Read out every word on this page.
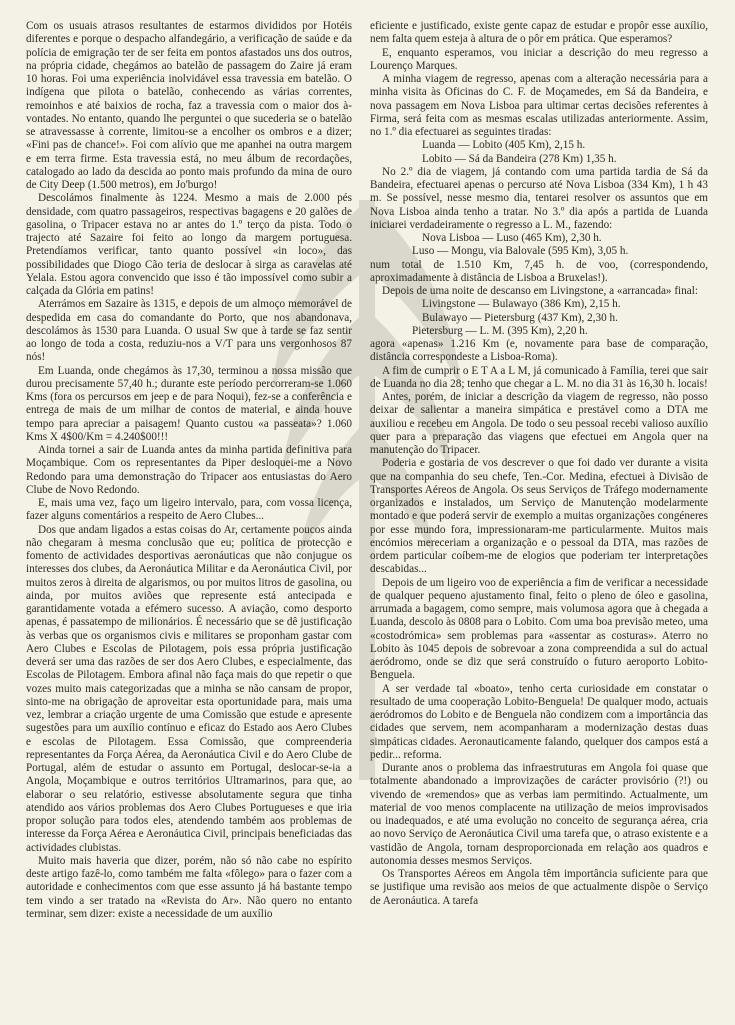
Com os usuais atrasos resultantes de estarmos divididos por Hotéis diferentes e porque o despacho alfandegário, a verificação de saúde e da polícia de emigração ter de ser feita em pontos afastados uns dos outros, na própria cidade, chegámos ao batelão de passagem do Zaire já eram 10 horas. Foi uma experiência inolvidável essa travessia em batelão. O indígena que pilota o batelão, conhecendo as várias correntes, remoinhos e até baixios de rocha, faz a travessia com o maior dos à-vontades. No entanto, quando lhe perguntei o que sucederia se o batelão se atravessasse à corrente, limitou-se a encolher os ombros e a dizer; «Fini pas de chance!». Foi com alívio que me apanhei na outra margem e em terra firme. Esta travessia está, no meu álbum de recordações, catalogado ao lado da descida ao ponto mais profundo da mina de ouro de City Deep (1.500 metros), em Jo'burgo!

Descolámos finalmente às 1224. Mesmo a mais de 2.000 pés densidade, com quatro passageiros, respectivas bagagens e 20 galões de gasolina, o Tripacer estava no ar antes do 1.º terço da pista. Todo o trajecto até Sazaire foi feito ao longo da margem portuguesa. Pretendíamos verificar, tanto quanto possível «in loco», das possibilidades que Diogo Cão teria de deslocar à sirga as caravelas até Yelala. Estou agora convencido que isso é tão impossível como subir a calçada da Glória em patins!

Aterrámos em Sazaire às 1315, e depois de um almoço memorável de despedida em casa do comandante do Porto, que nos abandonava, descolámos às 1530 para Luanda. O usual Sw que à tarde se faz sentir ao longo de toda a costa, reduziu-nos a V/T para uns vergonhosos 87 nós!

Em Luanda, onde chegámos às 17,30, terminou a nossa missão que durou precisamente 57,40 h.; durante este período percorreram-se 1.060 Kms (fora os percursos em jeep e de para Noqui), fez-se a conferência e entrega de mais de um milhar de contos de material, e ainda houve tempo para apreciar a paisagem! Quanto custou «a passeata»? 1.060 Kms X 4$00/Km = 4.240$00!!!

Ainda tornei a sair de Luanda antes da minha partida definitiva para Moçambique. Com os representantes da Piper desloquei-me a Novo Redondo para uma demonstração do Tripacer aos entusiastas do Aero Clube de Novo Redondo.

E, mais uma vez, faço um ligeiro intervalo, para, com vossa licença, fazer alguns comentários a respeito de Aero Clubes...

Dos que andam ligados a estas coisas do Ar, certamente poucos ainda não chegaram à mesma conclusão que eu; política de protecção e fomento de actividades desportivas aeronáuticas que não conjugue os interesses dos clubes, da Aeronáutica Militar e da Aeronáutica Civil, por muitos zeros à direita de algarismos, ou por muitos litros de gasolina, ou ainda, por muitos aviões que represente está antecipada e garantidamente votada a efémero sucesso. A aviação, como desporto apenas, é passatempo de milionários. É necessário que se dê justificação às verbas que os organismos civis e militares se proponham gastar com Aero Clubes e Escolas de Pilotagem, pois essa própria justificação deverá ser uma das razões de ser dos Aero Clubes, e especialmente, das Escolas de Pilotagem. Embora afinal não faça mais do que repetir o que vozes muito mais categorizadas que a minha se não cansam de propor, sinto-me na obrigação de aproveitar esta oportunidade para, mais uma vez, lembrar a criação urgente de uma Comissão que estude e apresente sugestões para um auxílio contínuo e eficaz do Estado aos Aero Clubes e escolas de Pilotagem. Essa Comissão, que compreenderia representantes da Força Aérea, da Aeronáutica Civil e do Aero Clube de Portugal, além de estudar o assunto em Portugal, deslocar-se-ia a Angola, Moçambique e outros territórios Ultramarinos, para que, ao elaborar o seu relatório, estivesse absolutamente segura que tinha atendido aos vários problemas dos Aero Clubes Portugueses e que iria propor solução para todos eles, atendendo também aos problemas de interesse da Força Aérea e Aeronáutica Civil, principais beneficiadas das actividades clubistas.

Muito mais haveria que dizer, porém, não só não cabe no espírito deste artigo fazê-lo, como também me falta «fôlego» para o fazer com a autoridade e conhecimentos com que esse assunto já há bastante tempo tem vindo a ser tratado na «Revista do Ar». Não quero no entanto terminar, sem dizer: existe a necessidade de um auxílio

eficiente e justificado, existe gente capaz de estudar e propôr esse auxílio, nem falta quem esteja à altura de o pôr em prática. Que esperamos?

E, enquanto esperamos, vou iniciar a descrição do meu regresso a Lourenço Marques.

A minha viagem de regresso, apenas com a alteração necessária para a minha visita às Oficinas do C. F. de Moçamedes, em Sá da Bandeira, e nova passagem em Nova Lisboa para ultimar certas decisões referentes à Firma, será feita com as mesmas escalas utilizadas anteriormente. Assim, no 1.º dia efectuarei as seguintes tiradas:

Luanda — Lobito (405 Km), 2,15 h.

Lobito — Sá da Bandeira (278 Km) 1,35 h.

No 2.º dia de viagem, já contando com uma partida tardia de Sá da Bandeira, efectuarei apenas o percurso até Nova Lisboa (334 Km), 1 h 43 m. Se possível, nesse mesmo dia, tentarei resolver os assuntos que em Nova Lisboa ainda tenho a tratar. No 3.º dia após a partida de Luanda iniciarei verdadeiramente o regresso a L. M., fazendo:

Nova Lisboa — Luso (465 Km), 2,30 h.

Luso — Mongu, via Balovale (595 Km), 3,05 h.

num total de 1.510 Km, 7,45 h. de voo, (correspondendo, aproximadamente à distância de Lisboa a Bruxelas!).

Depois de uma noite de descanso em Livingstone, a «arrancada» final:

Livingstone — Bulawayo (386 Km), 2,15 h.

Bulawayo — Pietersburg (437 Km), 2,30 h.

Pietersburg — L. M. (395 Km), 2,20 h.

agora «apenas» 1.216 Km (e, novamente para base de comparação, distância correspondeste a Lisboa-Roma).

A fim de cumprir o E T A a L M, já comunicado à Família, terei que sair de Luanda no dia 28; tenho que chegar a L. M. no dia 31 às 16,30 h. locais!

Antes, porém, de iniciar a descrição da viagem de regresso, não posso deixar de salientar a maneira simpática e prestável como a DTA me auxiliou e recebeu em Angola. De todo o seu pessoal recebi valioso auxílio quer para a preparação das viagens que efectuei em Angola quer na manutenção do Tripacer.

Poderia e gostaria de vos descrever o que foi dado ver durante a visita que na companhia do seu chefe, Ten.-Cor. Medina, efectuei à Divisão de Transportes Aéreos de Angola. Os seus Serviços de Tráfego modernamente organizados e instalados, um Serviço de Manutenção modelarmente montado e que poderá servir de exemplo a muitas organizações congéneres por esse mundo fora, impressionaram-me particularmente. Muitos mais encómios mereceriam a organização e o pessoal da DTA, mas razões de ordem particular coíbem-me de elogios que poderiam ter interpretações descabidas...

Depois de um ligeiro voo de experiência a fim de verificar a necessidade de qualquer pequeno ajustamento final, feito o pleno de óleo e gasolina, arrumada a bagagem, como sempre, mais volumosa agora que à chegada a Luanda, descolo às 0808 para o Lobito. Com uma boa previsão meteo, uma «costodrómica» sem problemas para «assentar as costuras». Aterro no Lobito às 1045 depois de sobrevoar a zona compreendida a sul do actual aeródromo, onde se diz que será construído o futuro aeroporto Lobito-Benguela.

A ser verdade tal «boato», tenho certa curiosidade em constatar o resultado de uma cooperação Lobito-Benguela! De qualquer modo, actuais aeródromos do Lobito e de Benguela não condizem com a importância das cidades que servem, nem acompanharam a modernização destas duas simpáticas cidades. Aeronauticamente falando, quelquer dos campos está a pedir... reforma.

Durante anos o problema das infraestruturas em Angola foi quase que totalmente abandonado a improvizações de carácter provisório (?!) ou vivendo de «remendos» que as verbas iam permitindo. Actualmente, um material de voo menos complacente na utilização de meios improvisados ou inadequados, e até uma evolução no conceito de segurança aérea, cria ao novo Serviço de Aeronáutica Civil uma tarefa que, o atraso existente e a vastidão de Angola, tornam desproporcionada em relação aos quadros e autonomia desses mesmos Serviços.

Os Transportes Aéreos em Angola têm importância suficiente para que se justifique uma revisão aos meios de que actualmente dispõe o Serviço de Aeronáutica. A tarefa
